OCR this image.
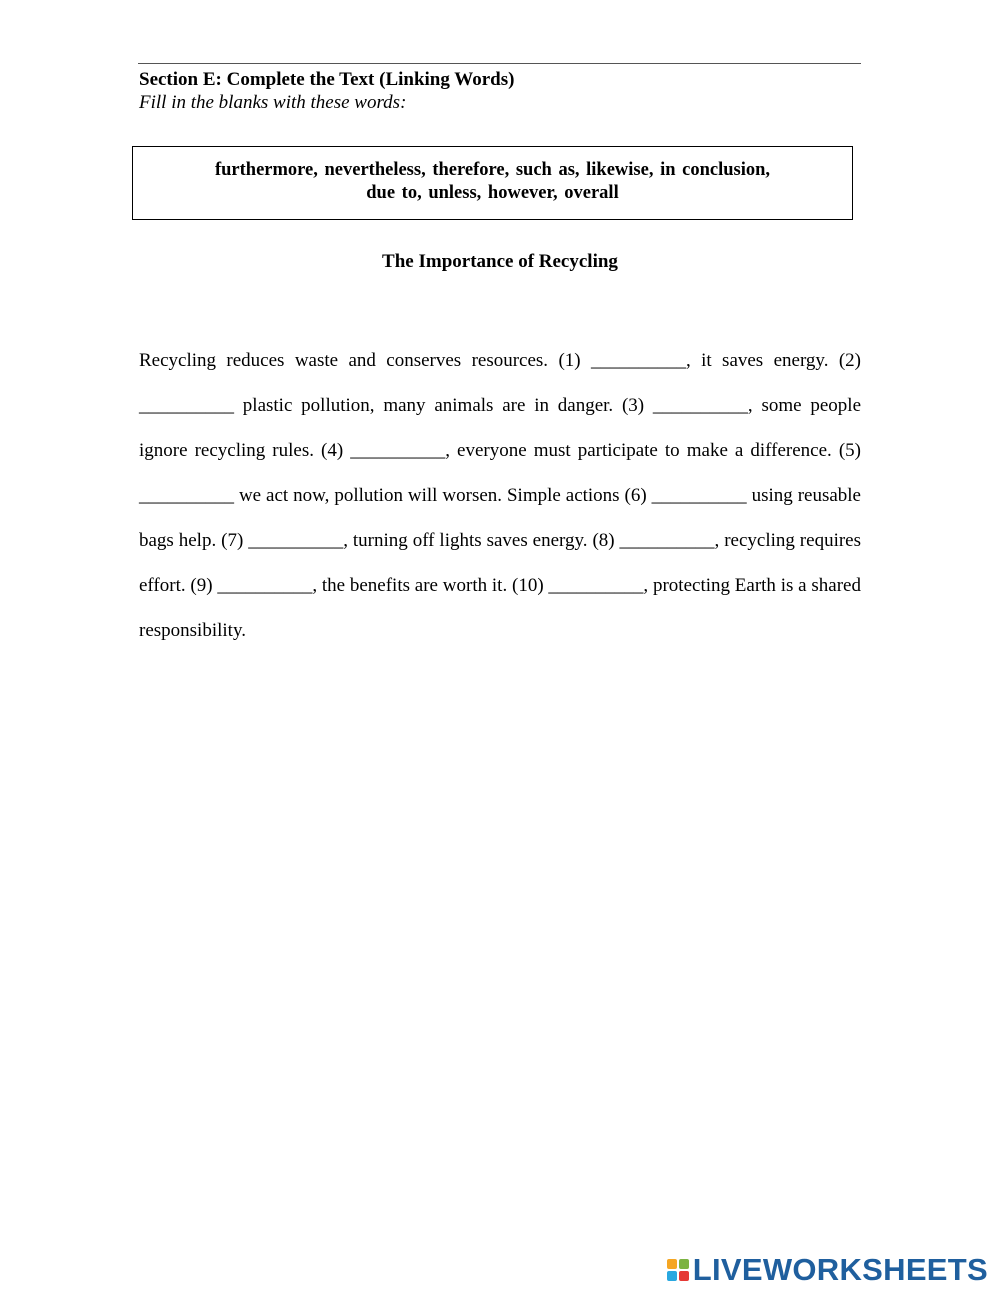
Section E: Complete the Text (Linking Words)
Fill in the blanks with these words:
furthermore, nevertheless, therefore, such as, likewise, in conclusion,
due to, unless, however, overall
The Importance of Recycling

Recycling reduces waste and conserves resources. (1) __________, it saves energy. (2) __________ plastic pollution, many animals are in danger. (3) __________, some people ignore recycling rules. (4) __________, everyone must participate to make a difference. (5) __________ we act now, pollution will worsen. Simple actions (6) __________ using reusable bags help. (7) __________, turning off lights saves energy. (8) __________, recycling requires effort. (9) __________, the benefits are worth it. (10) __________, protecting Earth is a shared responsibility.

LIVEWORKSHEETS
